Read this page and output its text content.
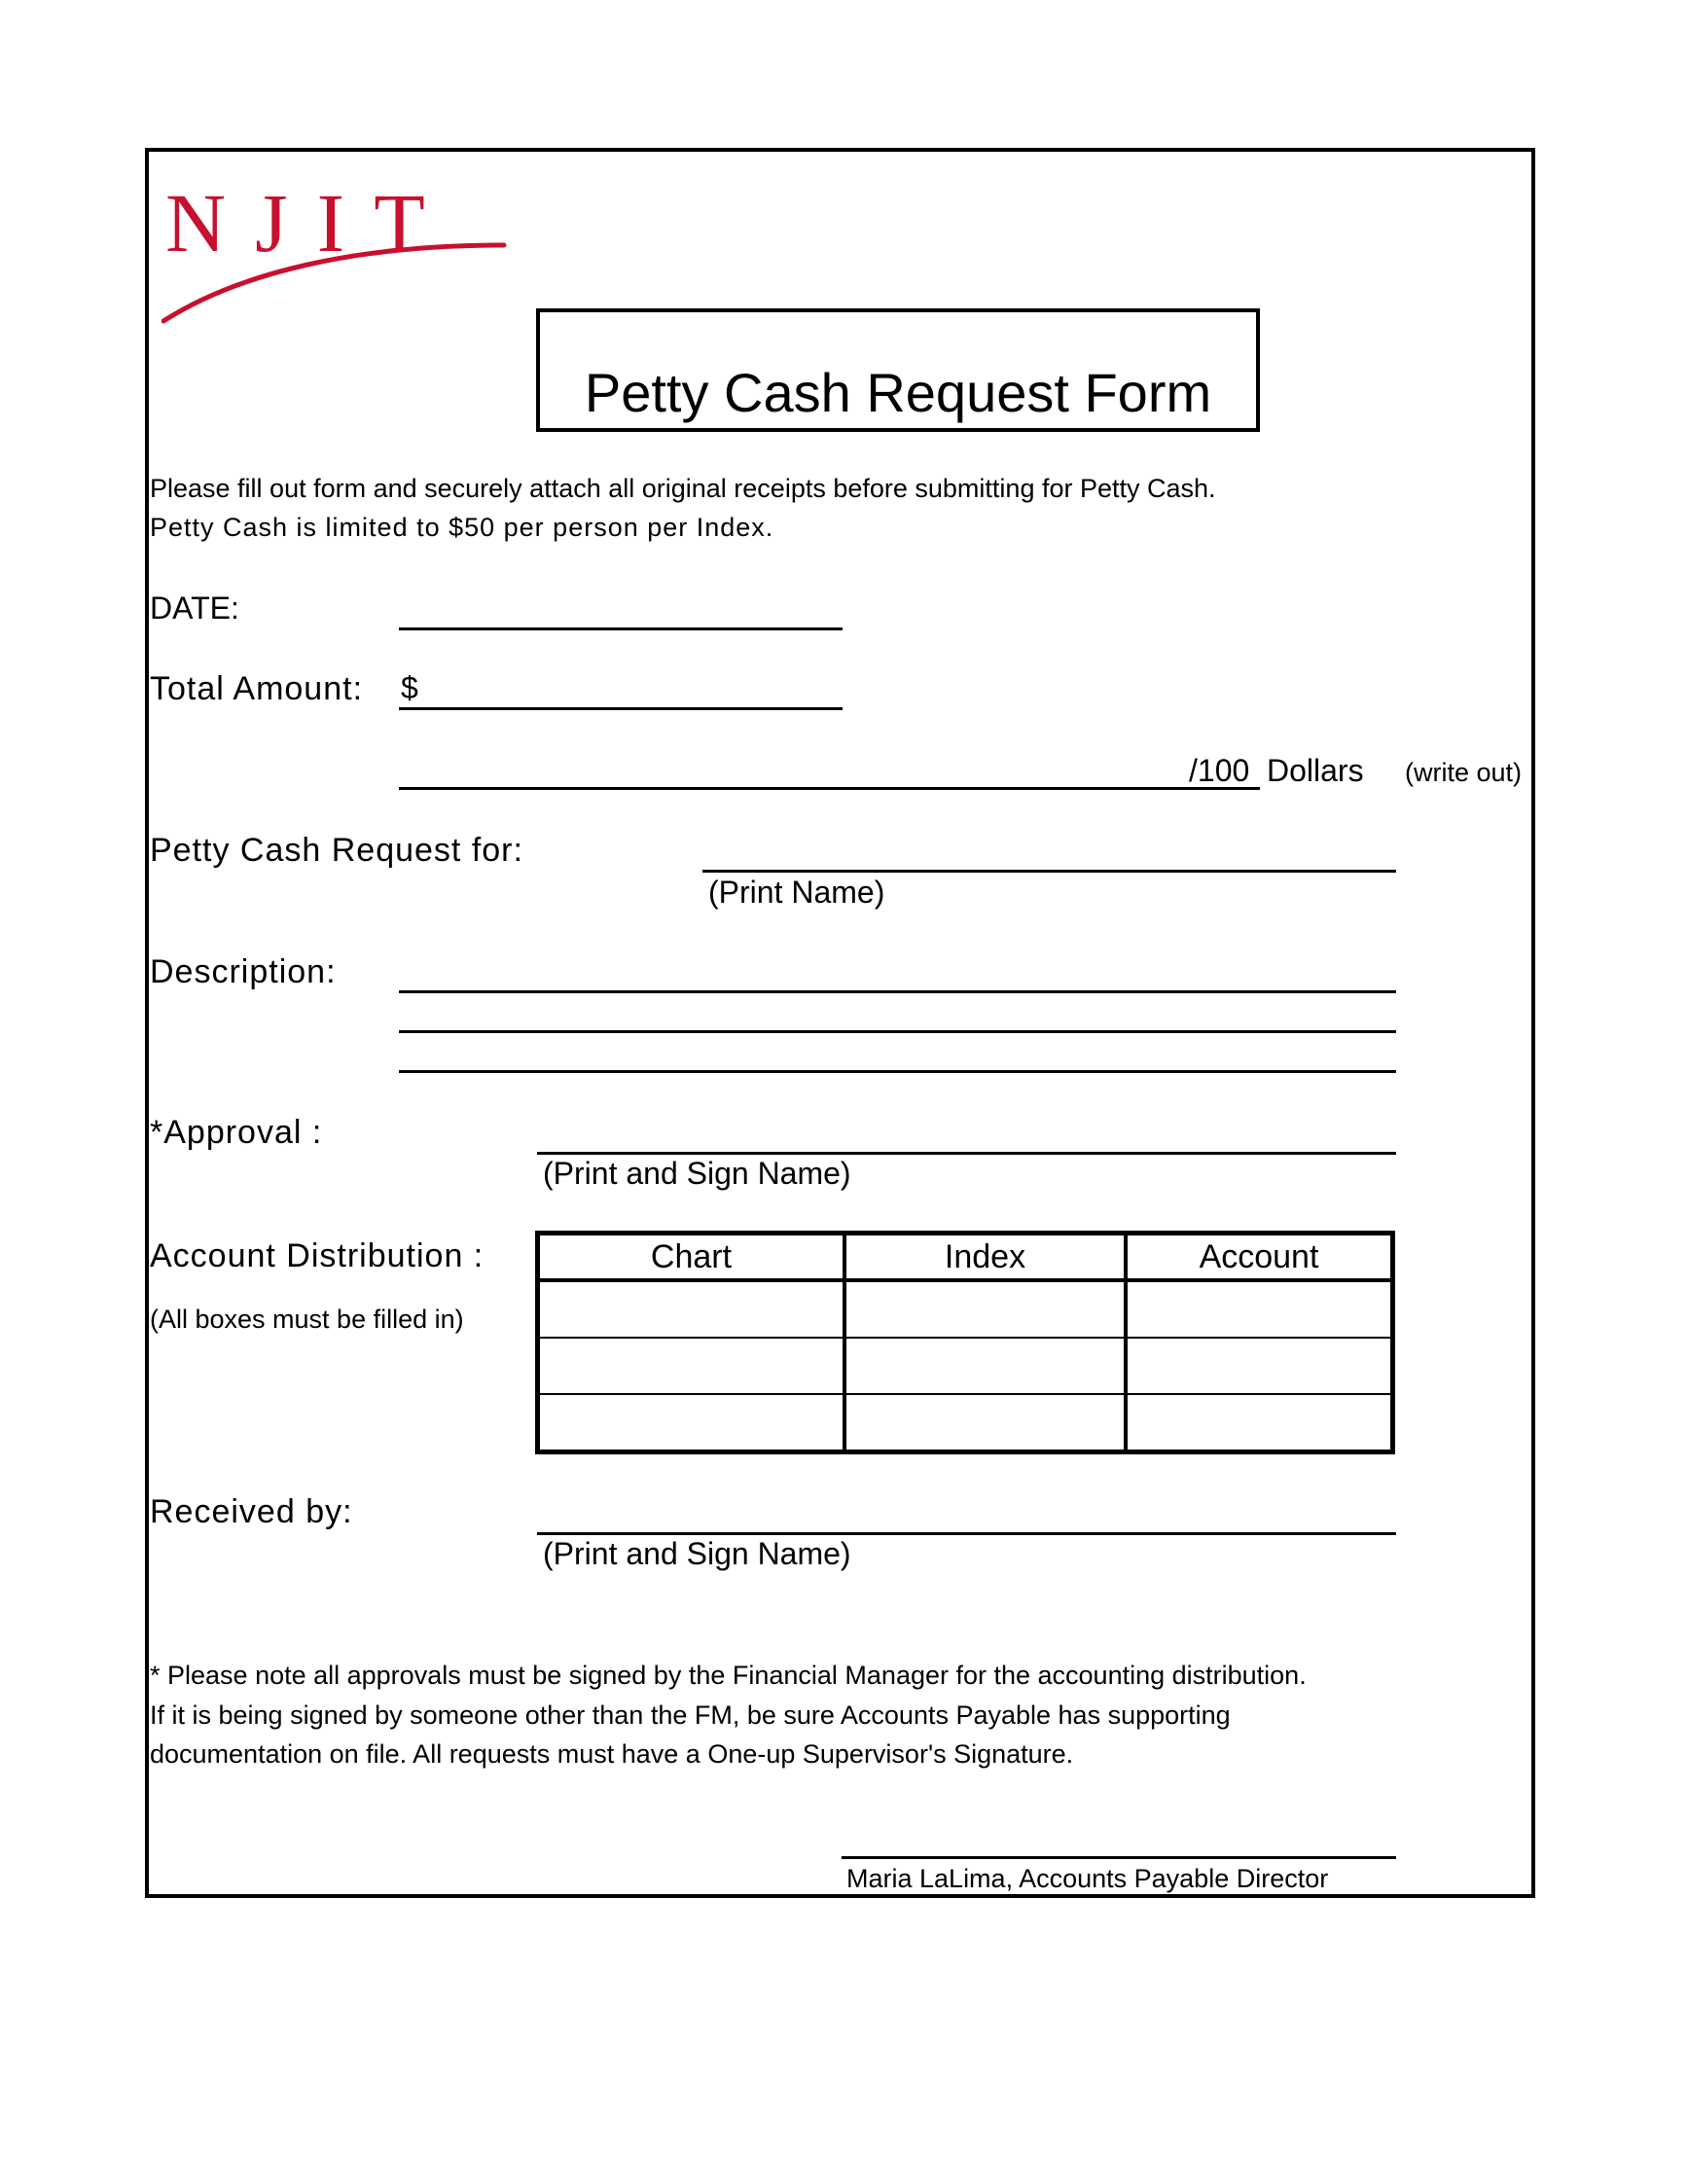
NJIT
Petty Cash Request Form
Please fill out form and securely attach all original receipts before submitting for Petty Cash.
Petty Cash is limited to $50 per person per Index.
DATE:
Total Amount: $
/100 Dollars (write out)
Petty Cash Request for:
(Print Name)
Description:
*Approval :
(Print and Sign Name)
Account Distribution :
(All boxes must be filled in)
Chart	Index	Account

Received by:
(Print and Sign Name)
* Please note all approvals must be signed by the Financial Manager for the accounting distribution.
If it is being signed by someone other than the FM, be sure Accounts Payable has supporting
documentation on file. All requests must have a One-up Supervisor's Signature.
Maria LaLima, Accounts Payable Director
